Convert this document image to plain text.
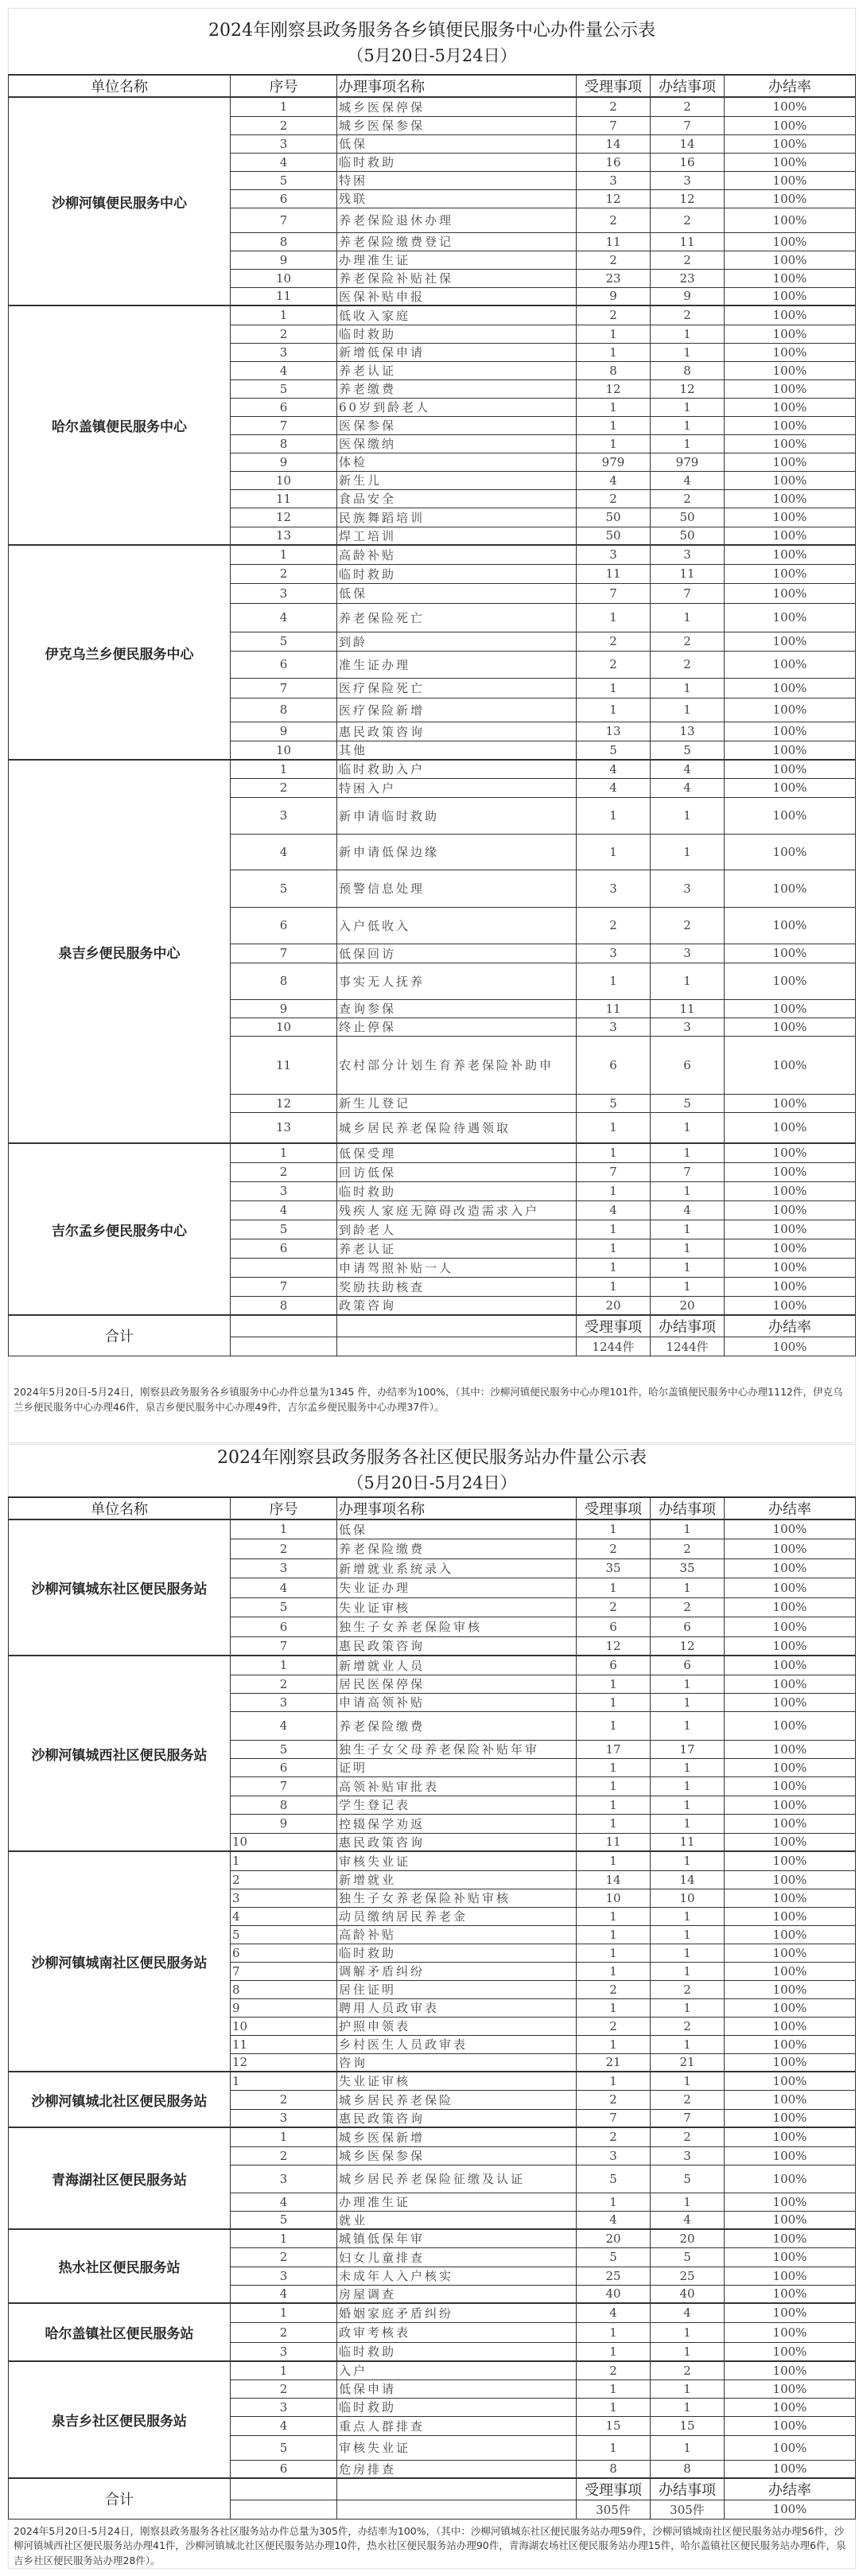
2024年刚察县政务服务各乡镇便民服务中心办件量公示表
（5月20日-5月24日）
单位名称	序号	办理事项名称	受理事项	办结事项	办结率
沙柳河镇便民服务中心	1	城乡医保停保	2	2	100%
	2	城乡医保参保	7	7	100%
	3	低保	14	14	100%
	4	临时救助	16	16	100%
	5	特困	3	3	100%
	6	残联	12	12	100%
	7	养老保险退休办理	2	2	100%
	8	养老保险缴费登记	11	11	100%
	9	办理准生证	2	2	100%
	10	养老保险补贴社保	23	23	100%
	11	医保补贴申报	9	9	100%
哈尔盖镇便民服务中心	1	低收入家庭	2	2	100%
	2	临时救助	1	1	100%
	3	新增低保申请	1	1	100%
	4	养老认证	8	8	100%
	5	养老缴费	12	12	100%
	6	60岁到龄老人	1	1	100%
	7	医保参保	1	1	100%
	8	医保缴纳	1	1	100%
	9	体检	979	979	100%
	10	新生儿	4	4	100%
	11	食品安全	2	2	100%
	12	民族舞蹈培训	50	50	100%
	13	焊工培训	50	50	100%
伊克乌兰乡便民服务中心	1	高龄补贴	3	3	100%
	2	临时救助	11	11	100%
	3	低保	7	7	100%
	4	养老保险死亡	1	1	100%
	5	到龄	2	2	100%
	6	准生证办理	2	2	100%
	7	医疗保险死亡	1	1	100%
	8	医疗保险新增	1	1	100%
	9	惠民政策咨询	13	13	100%
	10	其他	5	5	100%
泉吉乡便民服务中心	1	临时救助入户	4	4	100%
	2	特困入户	4	4	100%
	3	新申请临时救助	1	1	100%
	4	新申请低保边缘	1	1	100%
	5	预警信息处理	3	3	100%
	6	入户低收入	2	2	100%
	7	低保回访	3	3	100%
	8	事实无人抚养	1	1	100%
	9	查询参保	11	11	100%
	10	终止停保	3	3	100%
	11	农村部分计划生育养老保险补助申	6	6	100%
	12	新生儿登记	5	5	100%
	13	城乡居民养老保险待遇领取	1	1	100%
吉尔孟乡便民服务中心	1	低保受理	1	1	100%
	2	回访低保	7	7	100%
	3	临时救助	1	1	100%
	4	残疾人家庭无障碍改造需求入户	4	4	100%
	5	到龄老人	1	1	100%
	6	养老认证	1	1	100%
		申请驾照补贴一人	1	1	100%
	7	奖励扶助核查	1	1	100%
	8	政策咨询	20	20	100%
合计			受理事项	办结事项	办结率
			1244件	1244件	100%
2024年5月20日-5月24日，刚察县政务服务各乡镇服务中心办件总量为1345 件，办结率为100%，（其中：沙柳河镇便民服务中心办理101件，哈尔盖镇便民服务中心办理1112件，伊克乌兰乡便民服务中心办理46件，泉吉乡便民服务中心办理49件，吉尔孟乡便民服务中心办理37件）。
2024年刚察县政务服务各社区便民服务站办件量公示表
（5月20日-5月24日）
单位名称	序号	办理事项名称	受理事项	办结事项	办结率
沙柳河镇城东社区便民服务站	1	低保	1	1	100%
	2	养老保险缴费	2	2	100%
	3	新增就业系统录入	35	35	100%
	4	失业证办理	1	1	100%
	5	失业证审核	2	2	100%
	6	独生子女养老保险审核	6	6	100%
	7	惠民政策咨询	12	12	100%
沙柳河镇城西社区便民服务站	1	新增就业人员	6	6	100%
	2	居民医保停保	1	1	100%
	3	申请高领补贴	1	1	100%
	4	养老保险缴费	1	1	100%
	5	独生子女父母养老保险补贴年审	17	17	100%
	6	证明	1	1	100%
	7	高领补贴审批表	1	1	100%
	8	学生登记表	1	1	100%
	9	控辍保学劝返	1	1	100%
	10	惠民政策咨询	11	11	100%
沙柳河镇城南社区便民服务站	1	审核失业证	1	1	100%
	2	新增就业	14	14	100%
	3	独生子女养老保险补贴审核	10	10	100%
	4	动员缴纳居民养老金	1	1	100%
	5	高龄补贴	1	1	100%
	6	临时救助	1	1	100%
	7	调解矛盾纠纷	1	1	100%
	8	居住证明	2	2	100%
	9	聘用人员政审表	1	1	100%
	10	护照申领表	2	2	100%
	11	乡村医生人员政审表	1	1	100%
	12	咨询	21	21	100%
沙柳河镇城北社区便民服务站	1	失业证审核	1	1	100%
	2	城乡居民养老保险	2	2	100%
	3	惠民政策咨询	7	7	100%
青海湖社区便民服务站	1	城乡医保新增	2	2	100%
	2	城乡医保参保	3	3	100%
	3	城乡居民养老保险征缴及认证	5	5	100%
	4	办理准生证	1	1	100%
	5	就业	4	4	100%
热水社区便民服务站	1	城镇低保年审	20	20	100%
	2	妇女儿童排查	5	5	100%
	3	未成年人入户核实	25	25	100%
	4	房屋调查	40	40	100%
哈尔盖镇社区便民服务站	1	婚姻家庭矛盾纠纷	4	4	100%
	2	政审考核表	1	1	100%
	3	临时救助	1	1	100%
泉吉乡社区便民服务站	1	入户	2	2	100%
	2	低保申请	1	1	100%
	3	临时救助	1	1	100%
	4	重点人群排查	15	15	100%
	5	审核失业证	1	1	100%
	6	危房排查	8	8	100%
合计			受理事项	办结事项	办结率
			305件	305件	100%
2024年5月20日-5月24日，刚察县政务服务各社区服务站办件总量为305件，办结率为100%，（其中：沙柳河镇城东社区便民服务站办理59件，沙柳河镇城南社区便民服务站办理56件，沙柳河镇城西社区便民服务站办理41件，沙柳河镇城北社区便民服务站办理10件，热水社区便民服务站办理90件，青海湖农场社区便民服务站办理15件，哈尔盖镇社区便民服务站办理6件，泉吉乡社区便民服务站办理28件）。
